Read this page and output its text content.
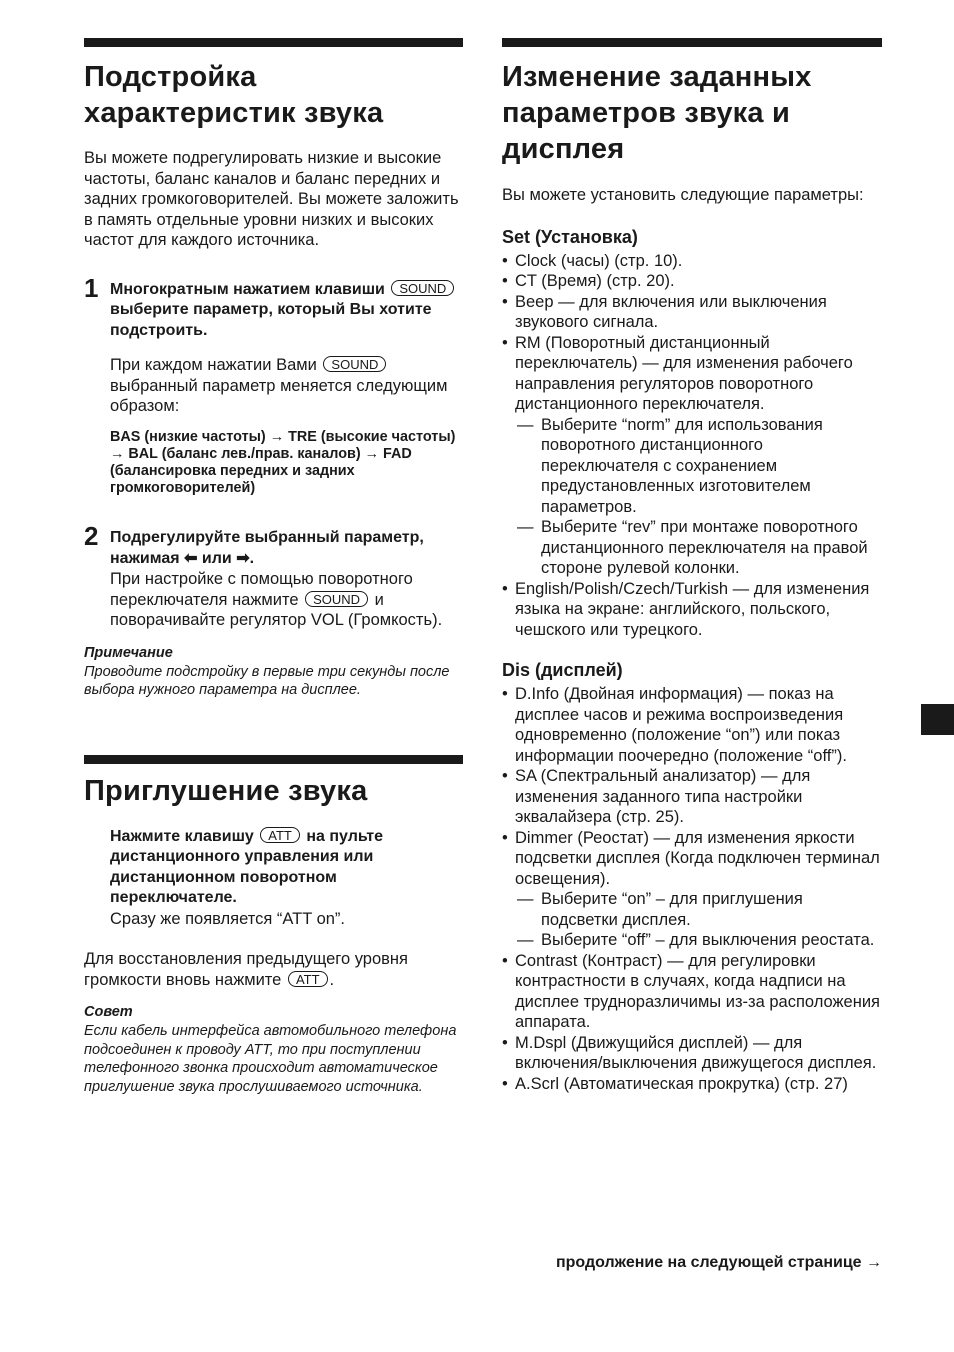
Подстройка характеристик звука

Вы можете подрегулировать низкие и высокие частоты, баланс каналов и баланс передних и задних громкоговорителей. Вы можете заложить в память отдельные уровни низких и высоких частот для каждого источника.

1 Многократным нажатием клавиши SOUND выберите параметр, который Вы хотите подстроить.

При каждом нажатии Вами SOUND выбранный параметр меняется следующим образом:

BAS (низкие частоты) → TRE (высокие частоты) → BAL (баланс лев./прав. каналов) → FAD (балансировка передних и задних громкоговорителей)

2 Подрегулируйте выбранный параметр, нажимая ⬅ или ➡.

При настройке с помощью поворотного переключателя нажмите SOUND и поворачивайте регулятор VOL (Громкость).

Примечание

Проводите подстройку в первые три секунды после выбора нужного параметра на дисплее.

Приглушение звука

Нажмите клавишу ATT на пульте дистанционного управления или дистанционном поворотном переключателе.

Сразу же появляется “ATT on”.

Для восстановления предыдущего уровня громкости вновь нажмите ATT .

Совет

Если кабель интерфейса автомобильного телефона подсоединен к проводу ATT, то при поступлении телефонного звонка происходит автоматическое приглушение звука прослушиваемого источника.

Изменение заданных параметров звука и дисплея

Вы можете установить следующие параметры:

Set (Установка)
• Clock (часы) (стр. 10).
• CT (Время) (стр. 20).
• Beep — для включения или выключения звукового сигнала.
• RM (Поворотный дистанционный переключатель) — для изменения рабочего направления регуляторов поворотного дистанционного переключателя.
— Выберите “norm” для использования поворотного дистанционного переключателя с сохранением предустановленных изготовителем параметров.
— Выберите “rev” при монтаже поворотного дистанционного переключателя на правой стороне рулевой колонки.
• English/Polish/Czech/Turkish — для изменения языка на экране: английского, польского, чешского или турецкого.
Dis (дисплей)
• D.Info (Двойная информация) — показ на дисплее часов и режима воспроизведения одновременно (положение “on”) или показ информации поочередно (положение “off”).
• SA (Спектральный анализатор) — для изменения заданного типа настройки эквалайзера (стр. 25).
• Dimmer (Реостат) — для изменения яркости подсветки дисплея (Когда подключен терминал освещения).
— Выберите “on” – для приглушения подсветки дисплея.
— Выберите “off” – для выключения реостата.
• Contrast (Контраст) — для регулировки контрастности в случаях, когда надписи на дисплее трудноразличимы из-за расположения аппарата.
• M.Dspl (Движущийся дисплей) — для включения/выключения движущегося дисплея.
• A.Scrl (Автоматическая прокрутка) (стр. 27)
продолжение на следующей странице →
